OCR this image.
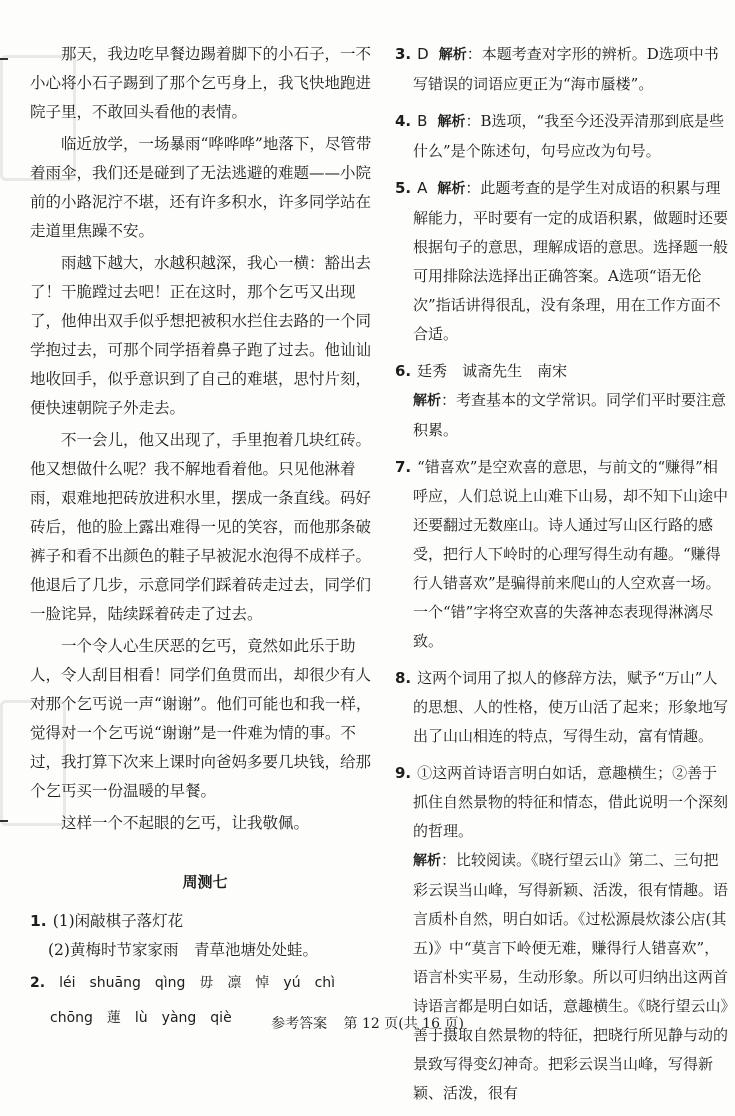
那天，我边吃早餐边踢着脚下的小石子，一不小心将小石子踢到了那个乞丐身上，我飞快地跑进院子里，不敢回头看他的表情。

临近放学，一场暴雨“哗哗哗”地落下，尽管带着雨伞，我们还是碰到了无法逃避的难题——小院前的小路泥泞不堪，还有许多积水，许多同学站在走道里焦躁不安。

雨越下越大，水越积越深，我心一横：豁出去了！干脆蹚过去吧！正在这时，那个乞丐又出现了，他伸出双手似乎想把被积水拦住去路的一个同学抱过去，可那个同学捂着鼻子跑了过去。他讪讪地收回手，似乎意识到了自己的难堪，思忖片刻，便快速朝院子外走去。

不一会儿，他又出现了，手里抱着几块红砖。他又想做什么呢？我不解地看着他。只见他淋着雨，艰难地把砖放进积水里，摆成一条直线。码好砖后，他的脸上露出难得一见的笑容，而他那条破裤子和看不出颜色的鞋子早被泥水泡得不成样子。他退后了几步，示意同学们踩着砖走过去，同学们一脸诧异，陆续踩着砖走了过去。

一个令人心生厌恶的乞丐，竟然如此乐于助人，令人刮目相看！同学们鱼贯而出，却很少有人对那个乞丐说一声“谢谢”。他们可能也和我一样，觉得对一个乞丐说“谢谢”是一件难为情的事。不过，我打算下次来上课时向爸妈多要几块钱，给那个乞丐买一份温暖的早餐。

这样一个不起眼的乞丐，让我敬佩。

周测七
1. (1)闲敲棋子落灯花
(2)黄梅时节家家雨　青草池塘处处蛙。
2. léi shuāng qìng 毋 凛 悼 yú chì
chōng 蓮 lù yàng qiè
3. D 解析：本题考查对字形的辨析。D选项中书写错误的词语应更正为“海市蜃楼”。
4. B 解析：B选项，“我至今还没弄清那到底是些什么”是个陈述句，句号应改为句号。
5. A 解析：此题考查的是学生对成语的积累与理解能力，平时要有一定的成语积累，做题时还要根据句子的意思，理解成语的意思。选择题一般可用排除法选择出正确答案。A选项“语无伦次”指话讲得很乱，没有条理，用在工作方面不合适。
6. 廷秀　诚斋先生　南宋
解析：考查基本的文学常识。同学们平时要注意积累。
7. “错喜欢”是空欢喜的意思，与前文的“赚得”相呼应，人们总说上山难下山易，却不知下山途中还要翻过无数座山。诗人通过写山区行路的感受，把行人下岭时的心理写得生动有趣。“赚得行人错喜欢”是骗得前来爬山的人空欢喜一场。一个“错”字将空欢喜的失落神态表现得淋漓尽致。
8. 这两个词用了拟人的修辞方法，赋予“万山”人的思想、人的性格，使万山活了起来；形象地写出了山山相连的特点，写得生动，富有情趣。
9. ①这两首诗语言明白如话，意趣横生；②善于抓住自然景物的特征和情态，借此说明一个深刻的哲理。
解析：比较阅读。《晓行望云山》第二、三句把彩云误当山峰，写得新颖、活泼，很有情趣。语言质朴自然，明白如话。《过松源晨炊漆公店(其五)》中“莫言下岭便无难，赚得行人错喜欢”，语言朴实平易，生动形象。所以可归纳出这两首诗语言都是明白如话，意趣横生。《晓行望云山》善于摄取自然景物的特征，把晓行所见静与动的景致写得变幻神奇。把彩云误当山峰，写得新颖、活泼，很有
参考答案 第 12 页(共 16 页)
